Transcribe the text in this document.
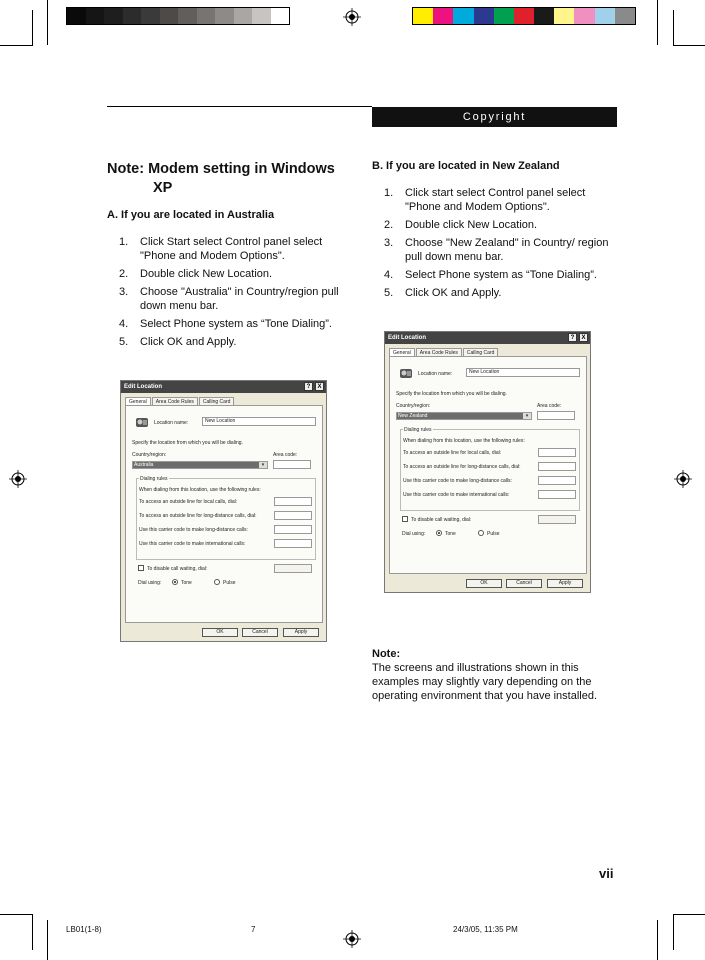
Copyright
Note: Modem setting in Windows
XP

A. If you are located in Australia

1. Click Start select Control panel select "Phone and Modem Options".
2. Double click New Location.
3. Choose "Australia" in Country/region pull down menu bar.
4. Select Phone system as “Tone Dialing”.
5. Click OK and Apply.

B. If you are located in New Zealand

1. Click start select Control panel select "Phone and Modem Options".
2. Double click New Location.
3. Choose "New Zealand" in Country/ region pull down menu bar.
4. Select Phone system as “Tone Dialing”.
5. Click OK and Apply.
Edit Location	?	X
General	Area Code Rules	Calling Card
Location name:	New Location
Specify the location from which you will be dialing.
Country/region:	Area code:
Australia	▾
Dialing rules
When dialing from this location, use the following rules:
To access an outside line for local calls, dial:
To access an outside line for long-distance calls, dial:
Use this carrier code to make long-distance calls:
Use this carrier code to make international calls:
To disable call waiting, dial:
Dial using:	Tone	Pulse
OK	Cancel	Apply
Edit Location	?	X
General	Area Code Rules	Calling Card
Location name:	New Location
Specify the location from which you will be dialing.
Country/region:	Area code:
New Zealand	▾
Dialing rules
When dialing from this location, use the following rules:
To access an outside line for local calls, dial:
To access an outside line for long-distance calls, dial:
Use this carrier code to make long-distance calls:
Use this carrier code to make international calls:
To disable call waiting, dial:
Dial using:	Tone	Pulse
OK	Cancel	Apply
Note:
The screens and illustrations shown in this examples may slightly vary depending on the operating environment that you have installed.
vii
LB01(1-8)	7	24/3/05, 11:35 PM
